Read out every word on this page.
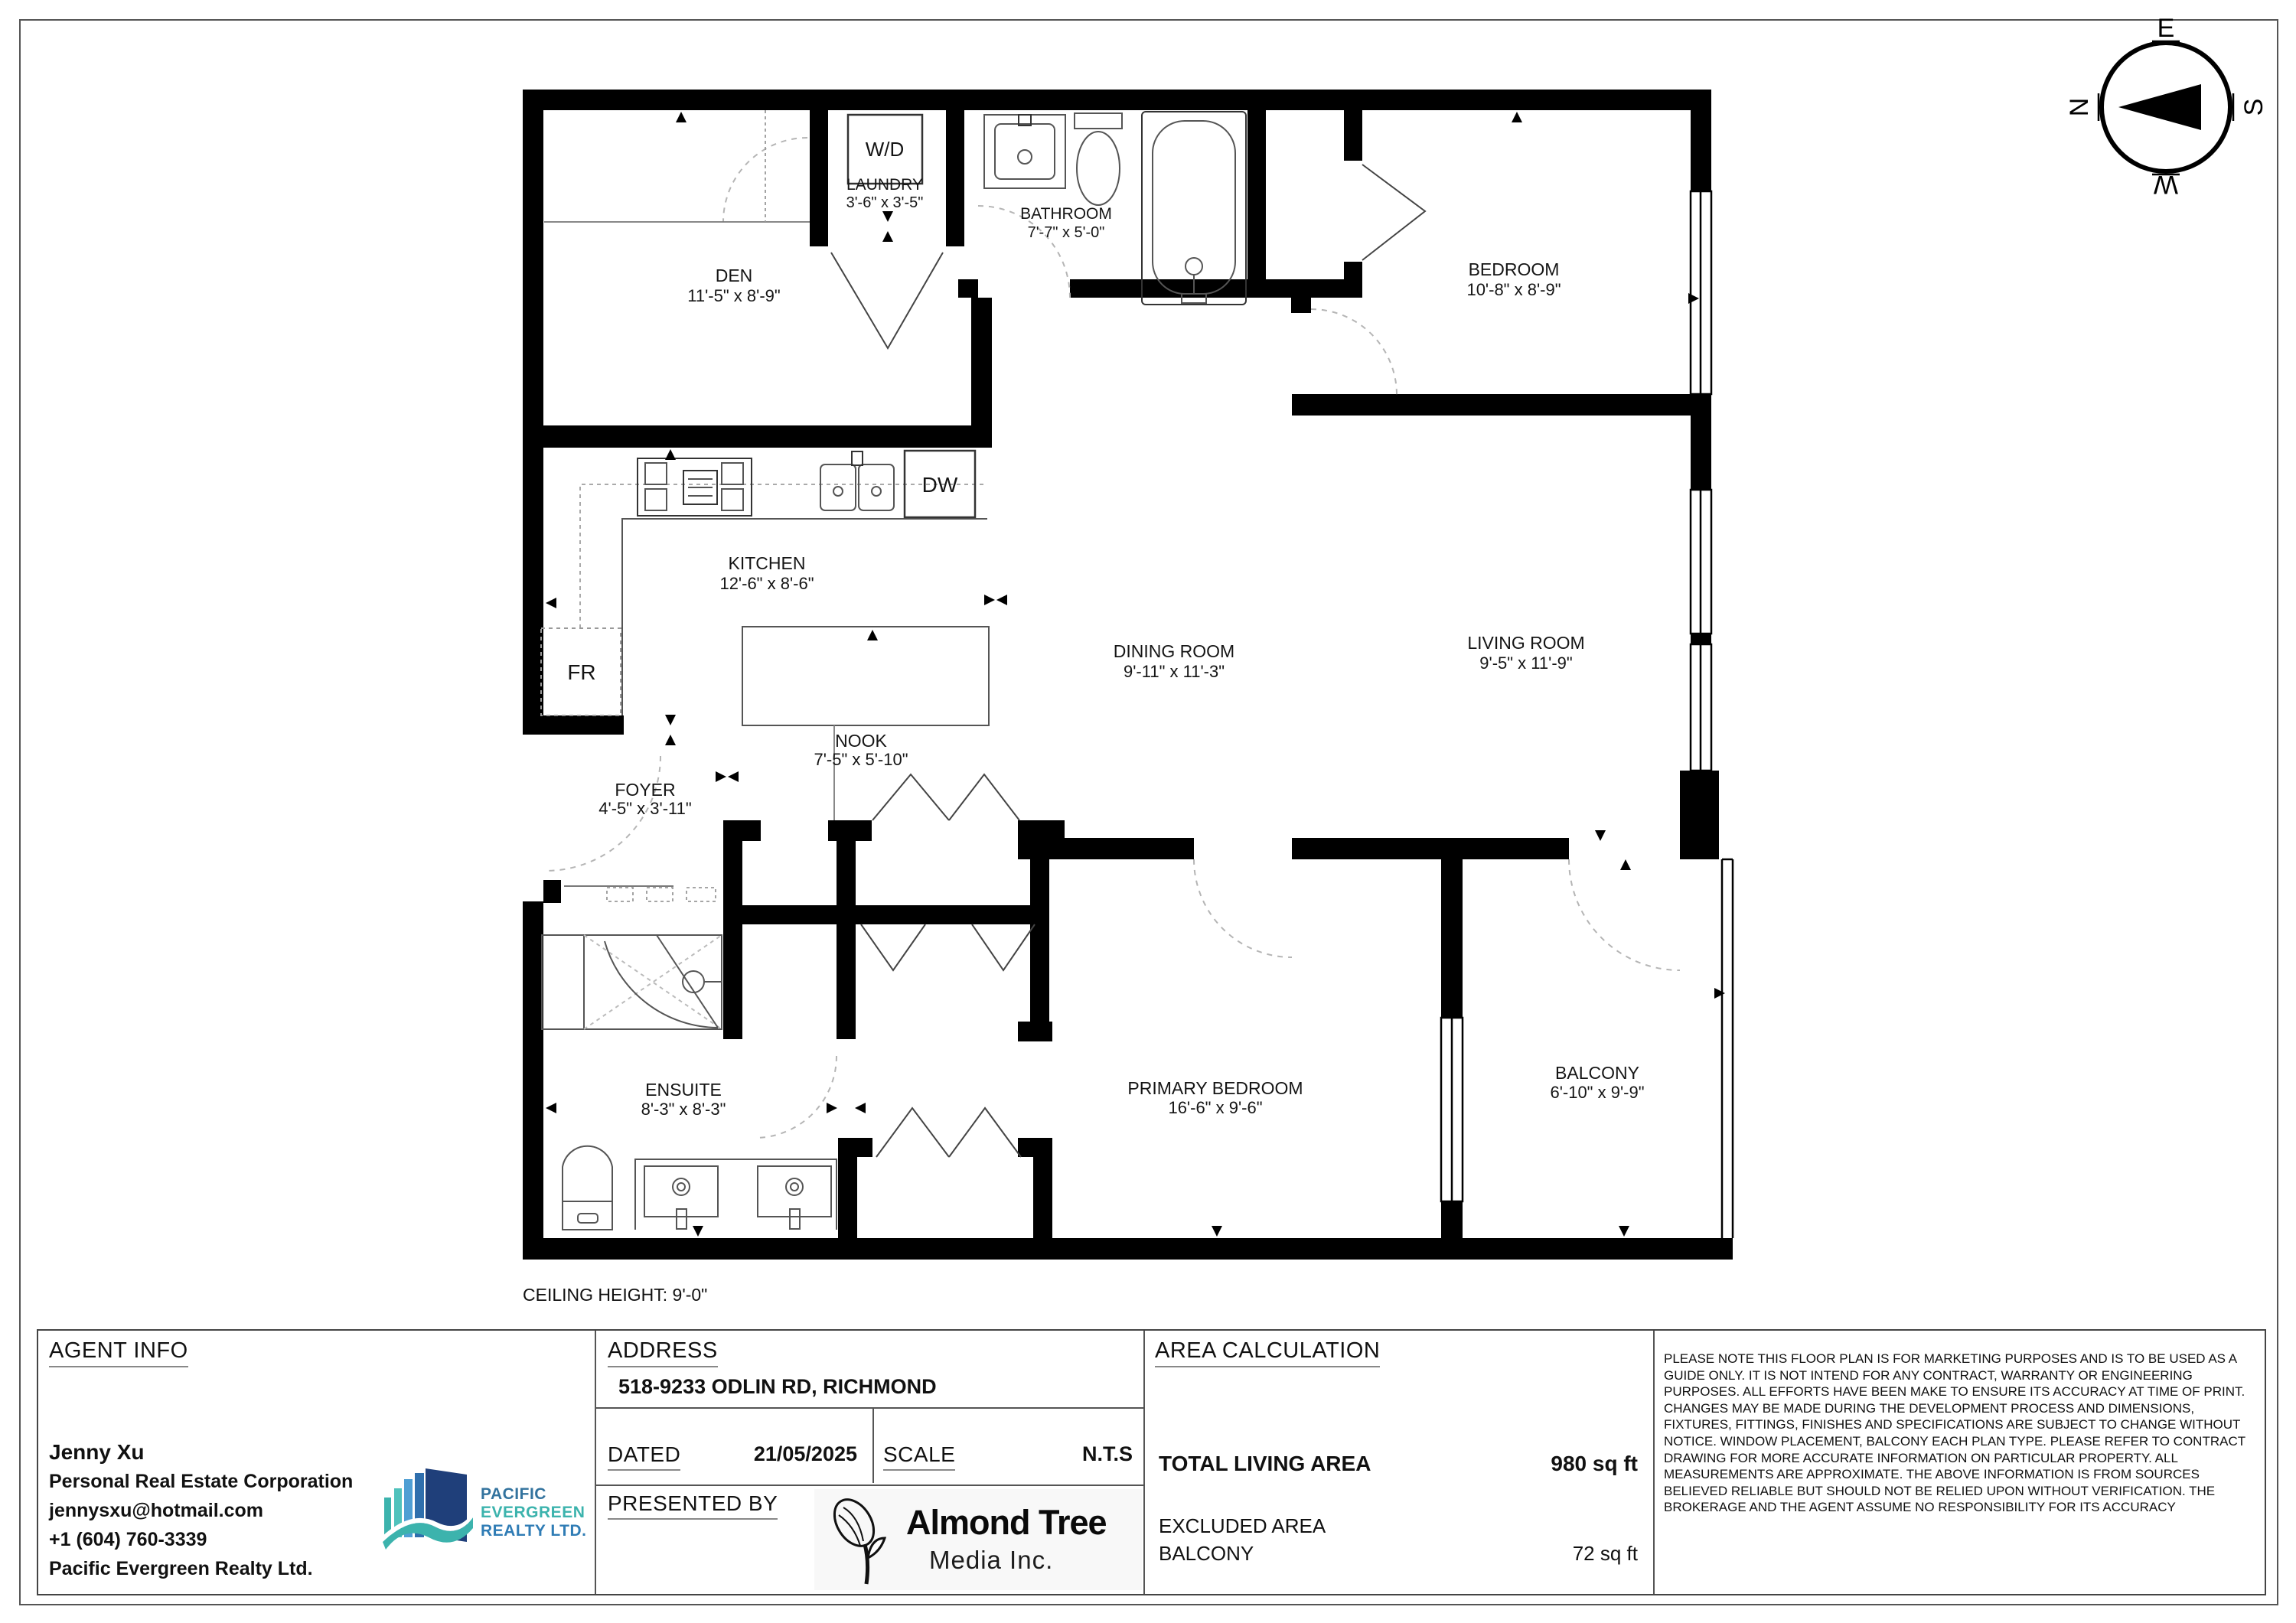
DEN
11'-5" x 8'-9"
LAUNDRY
3'-6" x 3'-5"
BATHROOM
7'-7" x 5'-0"
BEDROOM
10'-8" x 8'-9"
KITCHEN
12'-6" x 8'-6"
DINING ROOM
9'-11" x 11'-3"
LIVING ROOM
9'-5" x 11'-9"
NOOK
7'-5" x 5'-10"
FOYER
4'-5" x 3'-11"
ENSUITE
8'-3" x 8'-3"
PRIMARY BEDROOM
16'-6" x 9'-6"
BALCONY
6'-10" x 9'-9"
W/D
DW
FR
CEILING HEIGHT: 9'-0"
E
N	S
W
AGENT INFO
Jenny Xu
Personal Real Estate Corporation
jennysxu@hotmail.com
+1 (604) 760-3339
Pacific Evergreen Realty Ltd.
PACIFIC
EVERGREEN
REALTY LTD.
ADDRESS
518-9233 ODLIN RD, RICHMOND
DATED	21/05/2025 SCALE	N.T.S
PRESENTED BY	Almond Tree
Media Inc.
AREA CALCULATION
TOTAL LIVING AREA	980 sq ft
EXCLUDED AREA
BALCONY	72 sq ft
PLEASE NOTE THIS FLOOR PLAN IS FOR MARKETING PURPOSES AND IS TO BE USED AS A GUIDE ONLY. IT IS NOT INTEND FOR ANY CONTRACT, WARRANTY OR ENGINEERING PURPOSES. ALL EFFORTS HAVE BEEN MAKE TO ENSURE ITS ACCURACY AT TIME OF PRINT. CHANGES MAY BE MADE DURING THE DEVELOPMENT PROCESS AND DIMENSIONS, FIXTURES, FITTINGS, FINISHES AND SPECIFICATIONS ARE SUBJECT TO CHANGE WITHOUT NOTICE. WINDOW PLACEMENT, BALCONY EACH PLAN TYPE. PLEASE REFER TO CONTRACT DRAWING FOR MORE ACCURATE INFORMATION ON PARTICULAR PROPERTY. ALL MEASUREMENTS ARE APPROXIMATE. THE ABOVE INFORMATION IS FROM SOURCES BELIEVED RELIABLE BUT SHOULD NOT BE RELIED UPON WITHOUT VERIFICATION. THE BROKERAGE AND THE AGENT ASSUME NO RESPONSIBILITY FOR ITS ACCURACY
